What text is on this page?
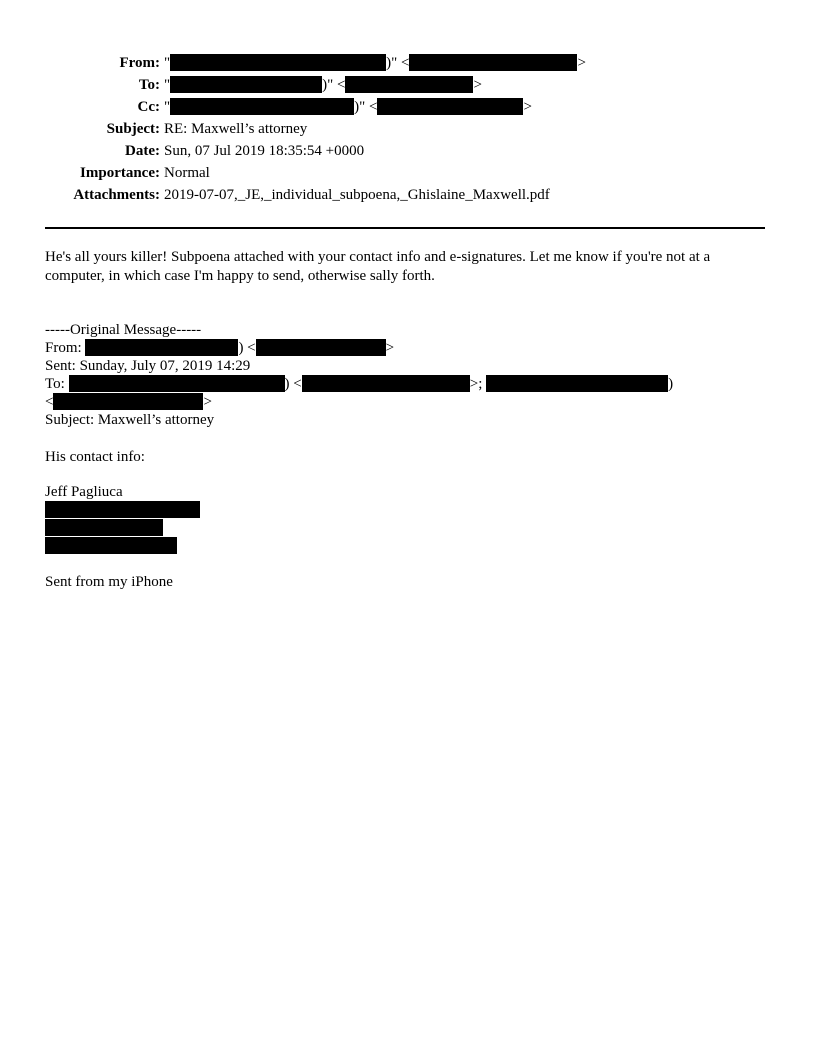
From: "	)" <	>
To: "	)" <	>
Cc: "	)" <	>
Subject: RE: Maxwell’s attorney
Date: Sun, 07 Jul 2019 18:35:54 +0000
Importance: Normal
Attachments: 2019-07-07,_JE,_individual_subpoena,_Ghislaine_Maxwell.pdf
He's all yours killer! Subpoena attached with your contact info and e-signatures. Let me know if you're not at a computer, in which case I'm happy to send, otherwise sally forth.
-----Original Message-----
From:	) <	>
Sent: Sunday, July 07, 2019 14:29
To:	) <	>;	)
<	>
Subject: Maxwell’s attorney
His contact info:
Jeff Pagliuca
Sent from my iPhone
